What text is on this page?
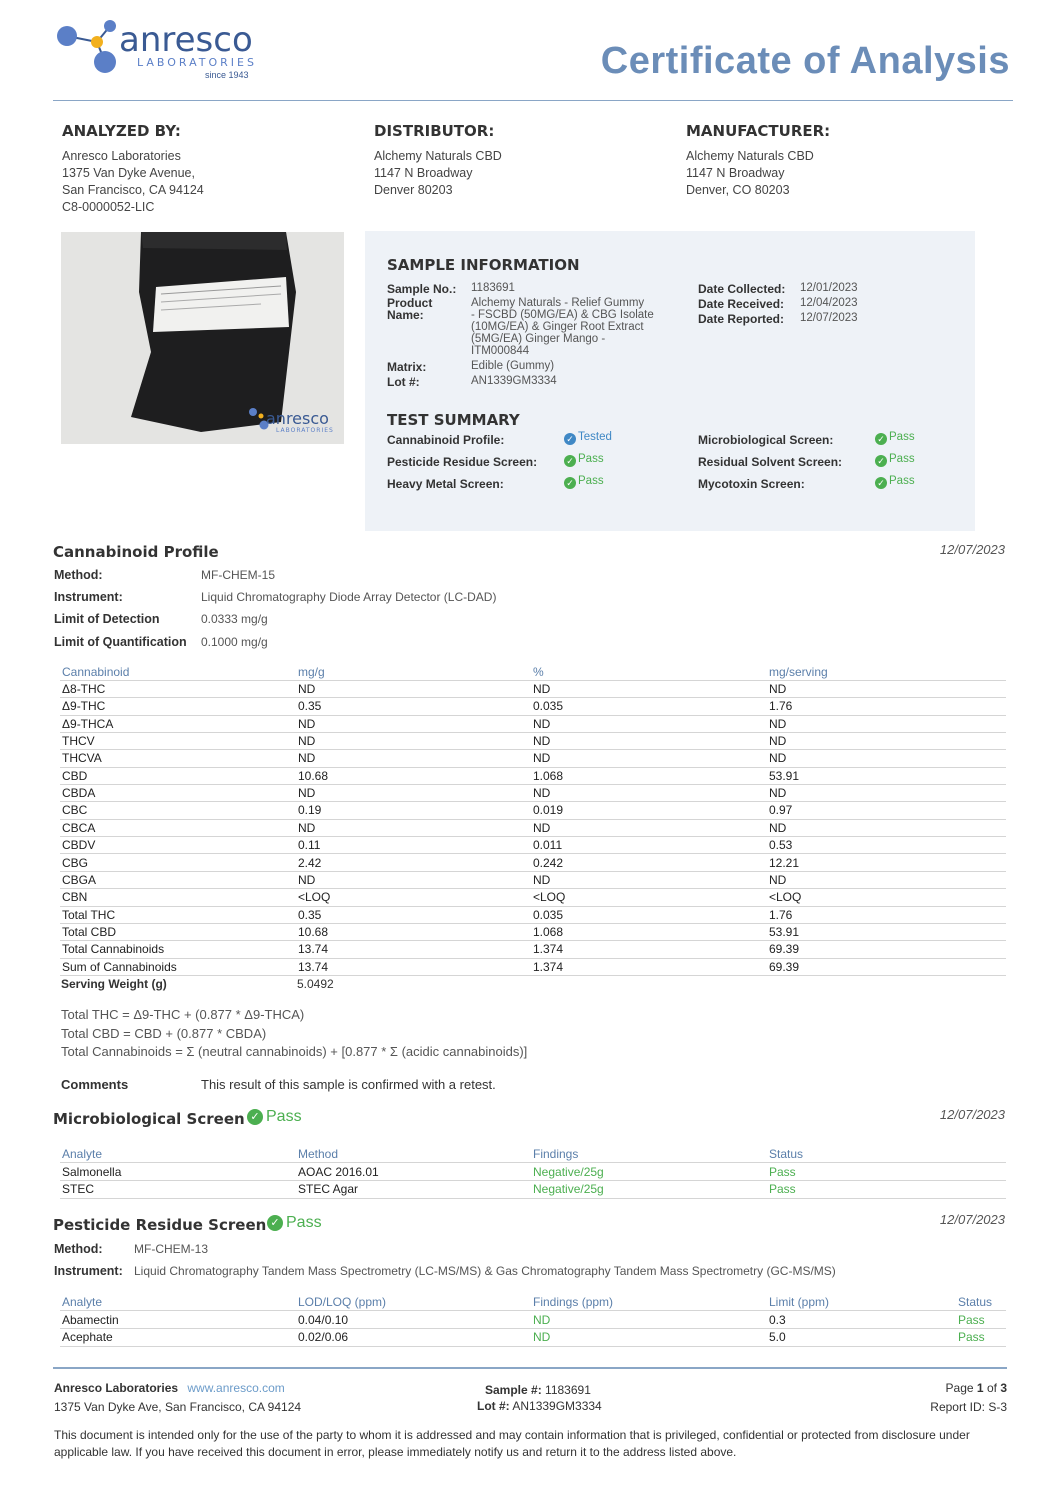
anresco
LABORATORIES
since 1943	Certificate of Analysis
ANALYZED BY:
Anresco Laboratories
1375 Van Dyke Avenue,
San Francisco, CA 94124
C8-0000052-LIC
DISTRIBUTOR:
Alchemy Naturals CBD
1147 N Broadway
Denver 80203
MANUFACTURER:
Alchemy Naturals CBD
1147 N Broadway
Denver, CO 80203
anresco
LABORATORIES
SAMPLE INFORMATION
Sample No.: 1183691
Product Name:
Alchemy Naturals - Relief Gummy
- FSCBD (50MG/EA) & CBG Isolate
(10MG/EA) & Ginger Root Extract
(5MG/EA) Ginger Mango -
ITM000844
Matrix:	Edible (Gummy)
Lot #:	AN1339GM3334
Date Collected: 12/01/2023
Date Received: 12/04/2023
Date Reported: 12/07/2023
TEST SUMMARY
Cannabinoid Profile:	✓ Tested
Pesticide Residue Screen:	✓ Pass
Heavy Metal Screen:	✓ Pass
Microbiological Screen:	✓ Pass
Residual Solvent Screen:	✓ Pass
Mycotoxin Screen:	✓ Pass
Cannabinoid Profile	12/07/2023
Method:	MF-CHEM-15
Instrument:	Liquid Chromatography Diode Array Detector (LC-DAD)
Limit of Detection	0.0333 mg/g
Limit of Quantification 0.1000 mg/g
Cannabinoid	mg/g	%	mg/serving
Δ8-THC	ND	ND	ND
Δ9-THC	0.35	0.035	1.76
Δ9-THCA	ND	ND	ND
THCV	ND	ND	ND
THCVA	ND	ND	ND
CBD	10.68	1.068	53.91
CBDA	ND	ND	ND
CBC	0.19	0.019	0.97
CBCA	ND	ND	ND
CBDV	0.11	0.011	0.53
CBG	2.42	0.242	12.21
CBGA	ND	ND	ND
CBN	<LOQ	<LOQ	<LOQ
Total THC	0.35	0.035	1.76
Total CBD	10.68	1.068	53.91
Total Cannabinoids	13.74	1.374	69.39
Sum of Cannabinoids	13.74	1.374	69.39
Serving Weight (g)	5.0492
Total THC = Δ9-THC + (0.877 * Δ9-THCA)
Total CBD = CBD + (0.877 * CBDA)
Total Cannabinoids = Σ (neutral cannabinoids) + [0.877 * Σ (acidic cannabinoids)]
Comments	This result of this sample is confirmed with a retest.
Microbiological Screen ✓ Pass	12/07/2023
Analyte	Method	Findings	Status
Salmonella	AOAC 2016.01	Negative/25g	Pass
STEC	STEC Agar	Negative/25g	Pass
Pesticide Residue Screen ✓ Pass	12/07/2023
Method:	MF-CHEM-13
Instrument: Liquid Chromatography Tandem Mass Spectrometry (LC-MS/MS) & Gas Chromatography Tandem Mass Spectrometry (GC-MS/MS)
Analyte	LOD/LOQ (ppm)	Findings (ppm)	Limit (ppm)	Status
Abamectin	0.04/0.10	ND	0.3	Pass
Acephate	0.02/0.06	ND	5.0	Pass
Anresco Laboratories www.anresco.com
1375 Van Dyke Ave, San Francisco, CA 94124
Sample #: 1183691
Lot #: AN1339GM3334
Page 1 of 3
Report ID: S-3
This document is intended only for the use of the party to whom it is addressed and may contain information that is privileged, confidential or protected from disclosure under applicable law. If you have received this document in error, please immediately notify us and return it to the address listed above.
